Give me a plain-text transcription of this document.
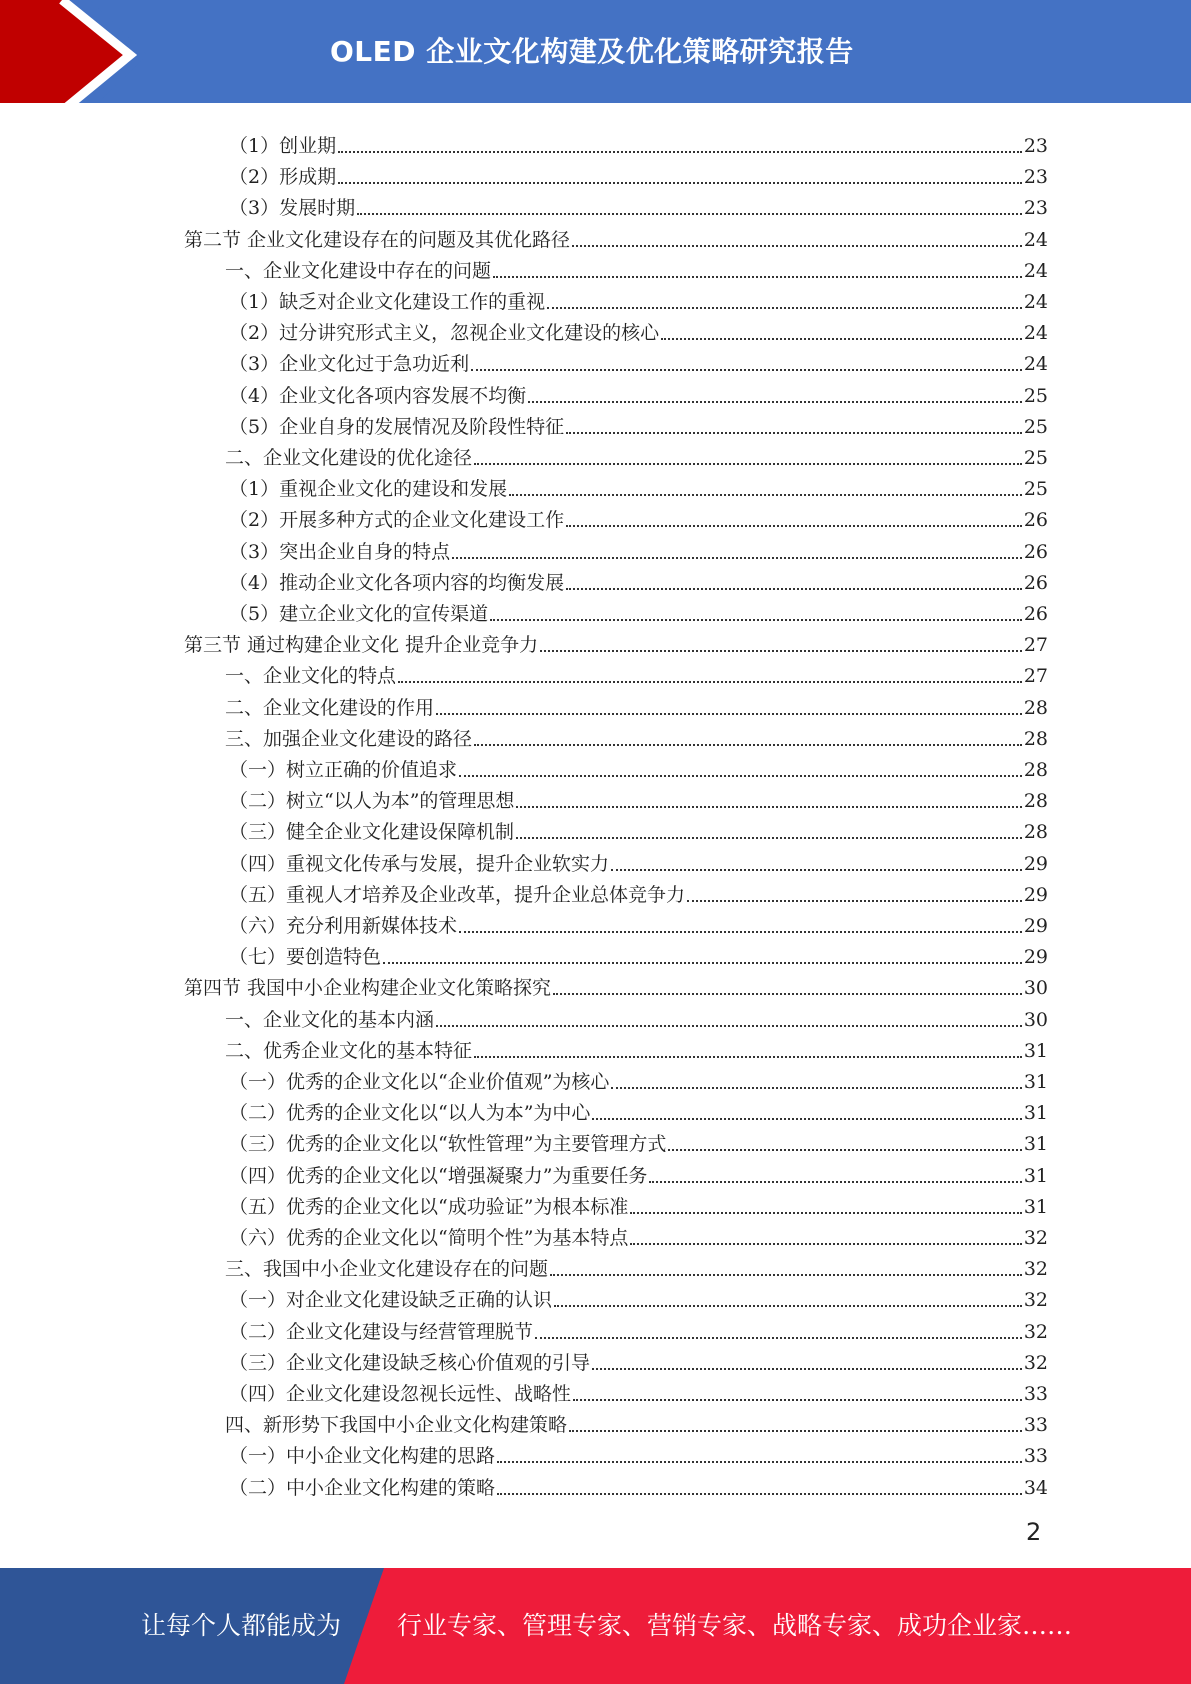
OLED 企业文化构建及优化策略研究报告
（1）创业期	23
（2）形成期	23
（3）发展时期	23
第二节 企业文化建设存在的问题及其优化路径	24
一、企业文化建设中存在的问题	24
（1）缺乏对企业文化建设工作的重视	24
（2）过分讲究形式主义，忽视企业文化建设的核心	24
（3）企业文化过于急功近利	24
（4）企业文化各项内容发展不均衡	25
（5）企业自身的发展情况及阶段性特征	25
二、企业文化建设的优化途径	25
（1）重视企业文化的建设和发展	25
（2）开展多种方式的企业文化建设工作	26
（3）突出企业自身的特点	26
（4）推动企业文化各项内容的均衡发展	26
（5）建立企业文化的宣传渠道	26
第三节 通过构建企业文化 提升企业竞争力	27
一、企业文化的特点	27
二、企业文化建设的作用	28
三、加强企业文化建设的路径	28
（一）树立正确的价值追求	28
（二）树立“以人为本”的管理思想	28
（三）健全企业文化建设保障机制	28
（四）重视文化传承与发展，提升企业软实力	29
（五）重视人才培养及企业改革，提升企业总体竞争力	29
（六）充分利用新媒体技术	29
（七）要创造特色	29
第四节 我国中小企业构建企业文化策略探究	30
一、企业文化的基本内涵	30
二、优秀企业文化的基本特征	31
（一）优秀的企业文化以“企业价值观”为核心	31
（二）优秀的企业文化以“以人为本”为中心	31
（三）优秀的企业文化以“软性管理”为主要管理方式	31
（四）优秀的企业文化以“增强凝聚力”为重要任务	31
（五）优秀的企业文化以“成功验证”为根本标准	31
（六）优秀的企业文化以“简明个性”为基本特点	32
三、我国中小企业文化建设存在的问题	32
（一）对企业文化建设缺乏正确的认识	32
（二）企业文化建设与经营管理脱节	32
（三）企业文化建设缺乏核心价值观的引导	32
（四）企业文化建设忽视长远性、战略性	33
四、新形势下我国中小企业文化构建策略	33
（一）中小企业文化构建的思路	33
（二）中小企业文化构建的策略	34
2
让每个人都能成为 行业专家、管理专家、营销专家、战略专家、成功企业家……
